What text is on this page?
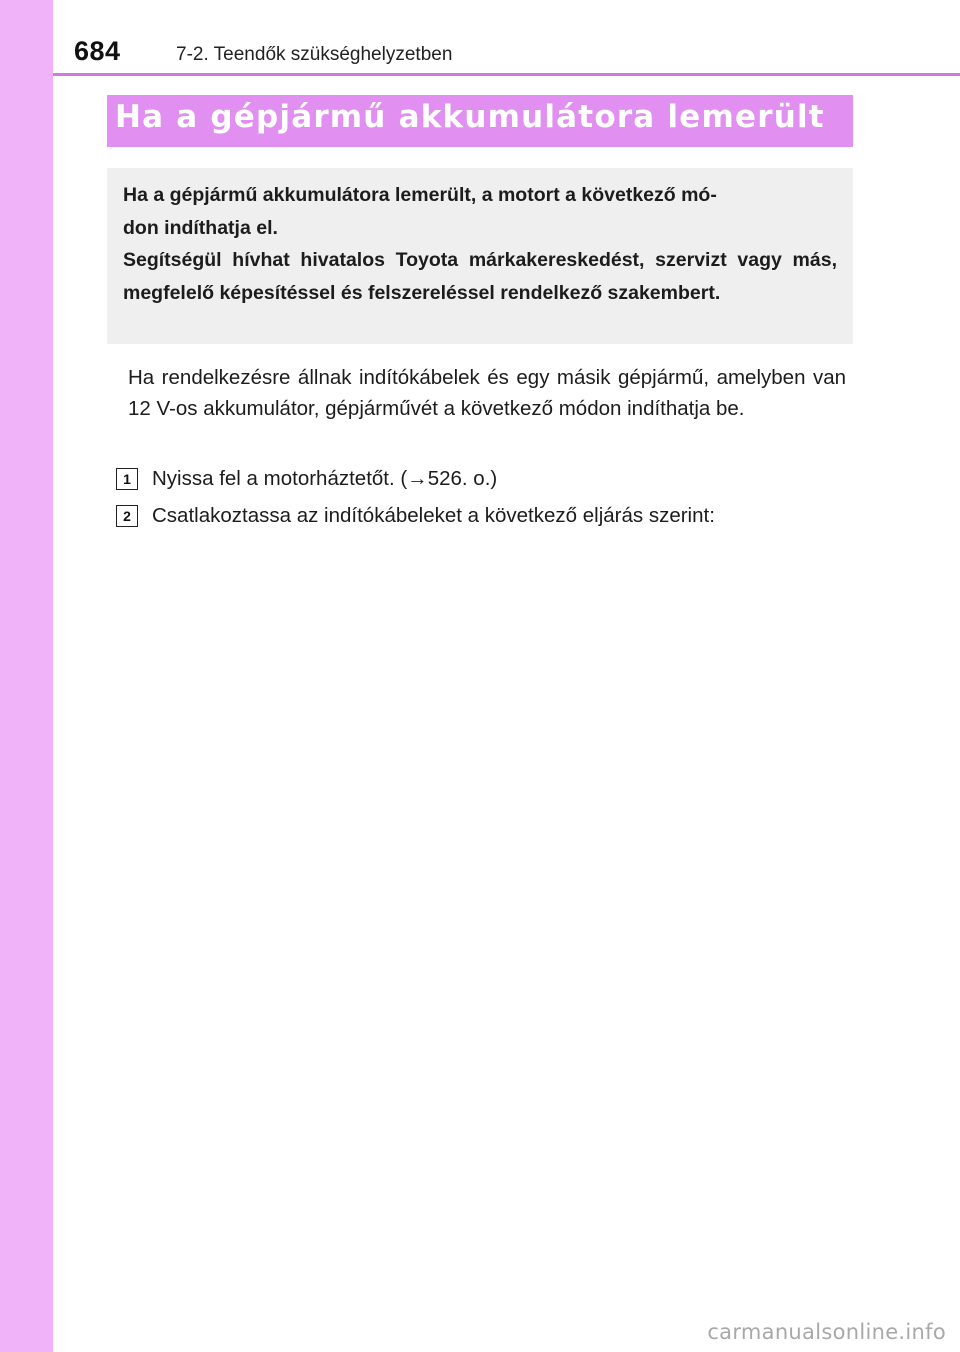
684	7-2. Teendők szükséghelyzetben
Ha a gépjármű akkumulátora lemerült

Ha a gépjármű akkumulátora lemerült, a motort a következő mó-
don indíthatja el.

Segítségül hívhat hivatalos Toyota márkakereskedést, szervizt vagy más, megfelelő képesítéssel és felszereléssel rendelkező szakembert.

Ha rendelkezésre állnak indítókábelek és egy másik gépjármű, amelyben van 12 V-os akkumulátor, gépjárművét a következő módon indíthatja be.

1	Nyissa fel a motorháztetőt. (→526. o.)
2	Csatlakoztassa az indítókábeleket a következő eljárás szerint:
carmanualsonline.info
